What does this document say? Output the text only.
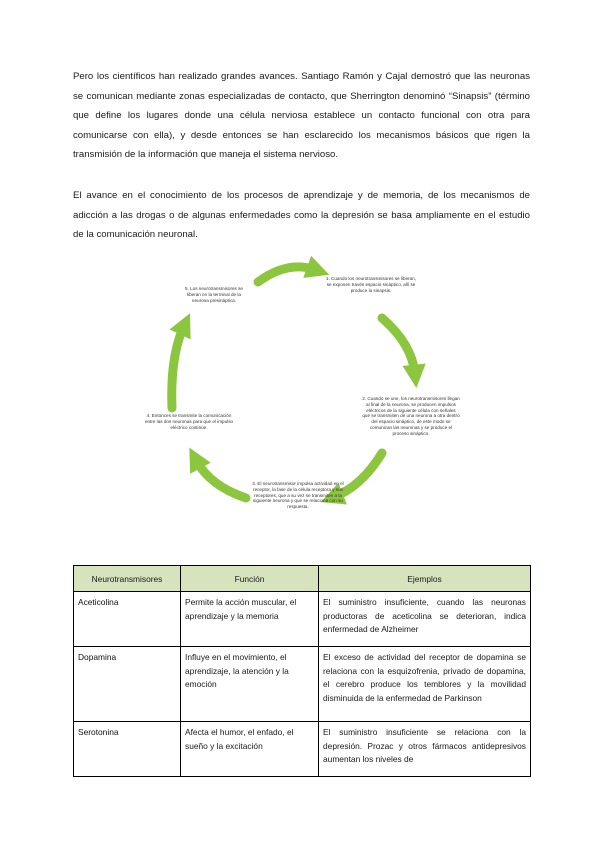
Pero los científicos han realizado grandes avances. Santiago Ramón y Cajal demostró que las neuronas se comunican mediante zonas especializadas de contacto, que Sherrington denominó “Sinapsis” (término que define los lugares donde una célula nerviosa establece un contacto funcional con otra para comunicarse con ella), y desde entonces se han esclarecido los mecanismos básicos que rigen la transmisión de la información que maneja el sistema nervioso.

El avance en el conocimiento de los procesos de aprendizaje y de memoria, de los mecanismos de adicción a las drogas o de algunas enfermedades como la depresión se basa ampliamente en el estudio de la comunicación neuronal.

1. Cuando los neurotransmisores se liberan, se exponen través espacio sináptico, allí se produce la sinapsis.
2. Cuando se une, los neurotransmisores llegan al final de la neurona, se producen impulsos eléctricos de la siguiente célula con señales que se transmiten de una neurona a otra dentro del espacio sináptico, de este modo se comunican las neuronas y se produce el proceso sináptico.
3. El neurotransmisor impulsa actividad en el receptor, la fase de la célula receptora y sus receptores, que a su vez se transmiten a la siguiente neurona y que se relaciona con su respuesta.
4. Entonces se transmite la comunicación entre las dos neuronas para que el impulso eléctrico continúe.
5. Los neurotransmisores se liberan en la terminal de la neurona presináptica.
Neurotransmisores	Función	Ejemplos
Aceticolina	Permite la acción muscular, el aprendizaje y la memoria	El suministro insuficiente, cuando las neuronas productoras de aceticolina se deterioran, indica enfermedad de Alzheimer
Dopamina	Influye en el movimiento, el aprendizaje, la atención y la emoción	El exceso de actividad del receptor de dopamina se relaciona con la esquizofrenia, privado de dopamina, el cerebro produce los temblores y la movilidad disminuida de la enfermedad de Parkinson
Serotonina	Afecta el humor, el enfado, el sueño y la excitación	El suministro insuficiente se relaciona con la depresión. Prozac y otros fármacos antidepresivos aumentan los niveles de
